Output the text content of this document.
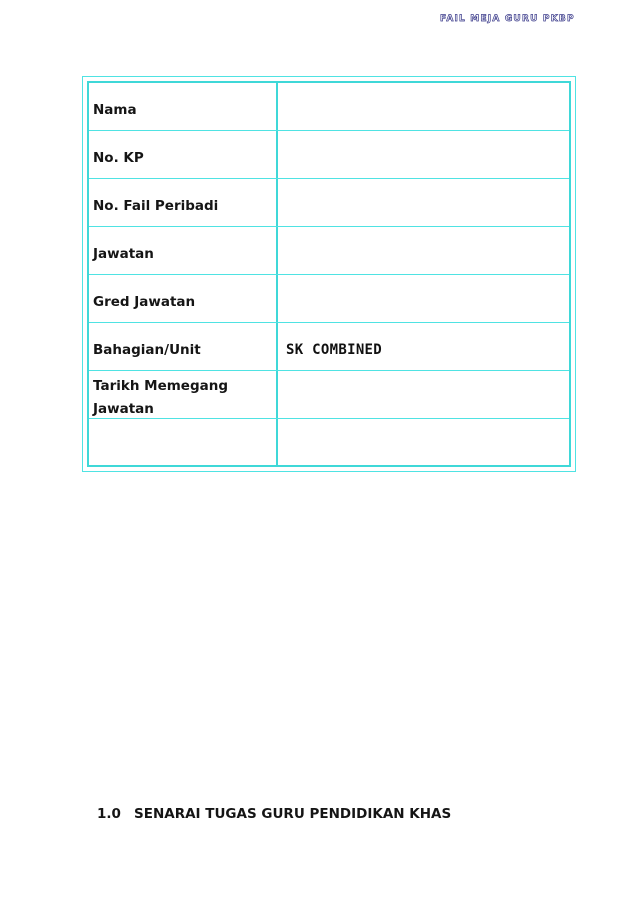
FAIL MEJA GURU PKBP
Nama
No. KP
No. Fail Peribadi
Jawatan
Gred Jawatan
Bahagian/Unit	SK COMBINED
Tarikh Memegang
Jawatan
1.0 SENARAI TUGAS GURU PENDIDIKAN KHAS
